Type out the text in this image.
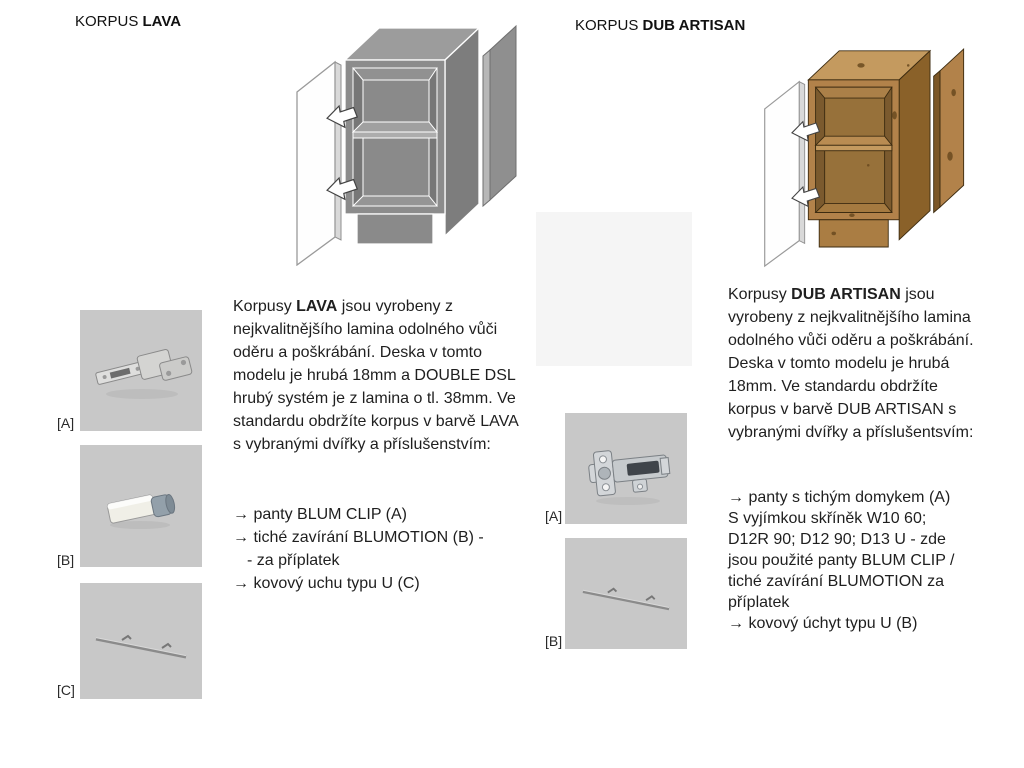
KORPUS LAVA
[A]
[B]
[C]
Korpusy LAVA jsou vyrobeny z nejkvalitnějšího lamina odolného vůči oděru a poškrábání. Deska v tomto modelu je hrubá 18mm a DOUBLE DSL hrubý systém je z lamina o tl. 38mm. Ve standardu obdržíte korpus v barvě LAVA s vybranými dvířky a příslušenstvím:
→ panty BLUM CLIP (A)
→ tiché zavírání BLUMOTION (B) -
- za příplatek
→ kovový uchu typu U (C)
KORPUS DUB ARTISAN
[A]
[B]
Korpusy DUB ARTISAN jsou vyrobeny z nejkvalitnějšího lamina odolného vůči oděru a poškrábání. Deska v tomto modelu je hrubá 18mm. Ve standardu obdržíte korpus v barvě DUB ARTISAN s vybranými dvířky a příslušentsvím:
→ panty s tichým domykem (A)
S vyjímkou skříněk W10 60;
D12R 90; D12 90; D13 U - zde
jsou použité panty BLUM CLIP /
tiché zavírání BLUMOTION za
příplatek
→ kovový úchyt typu U (B)
